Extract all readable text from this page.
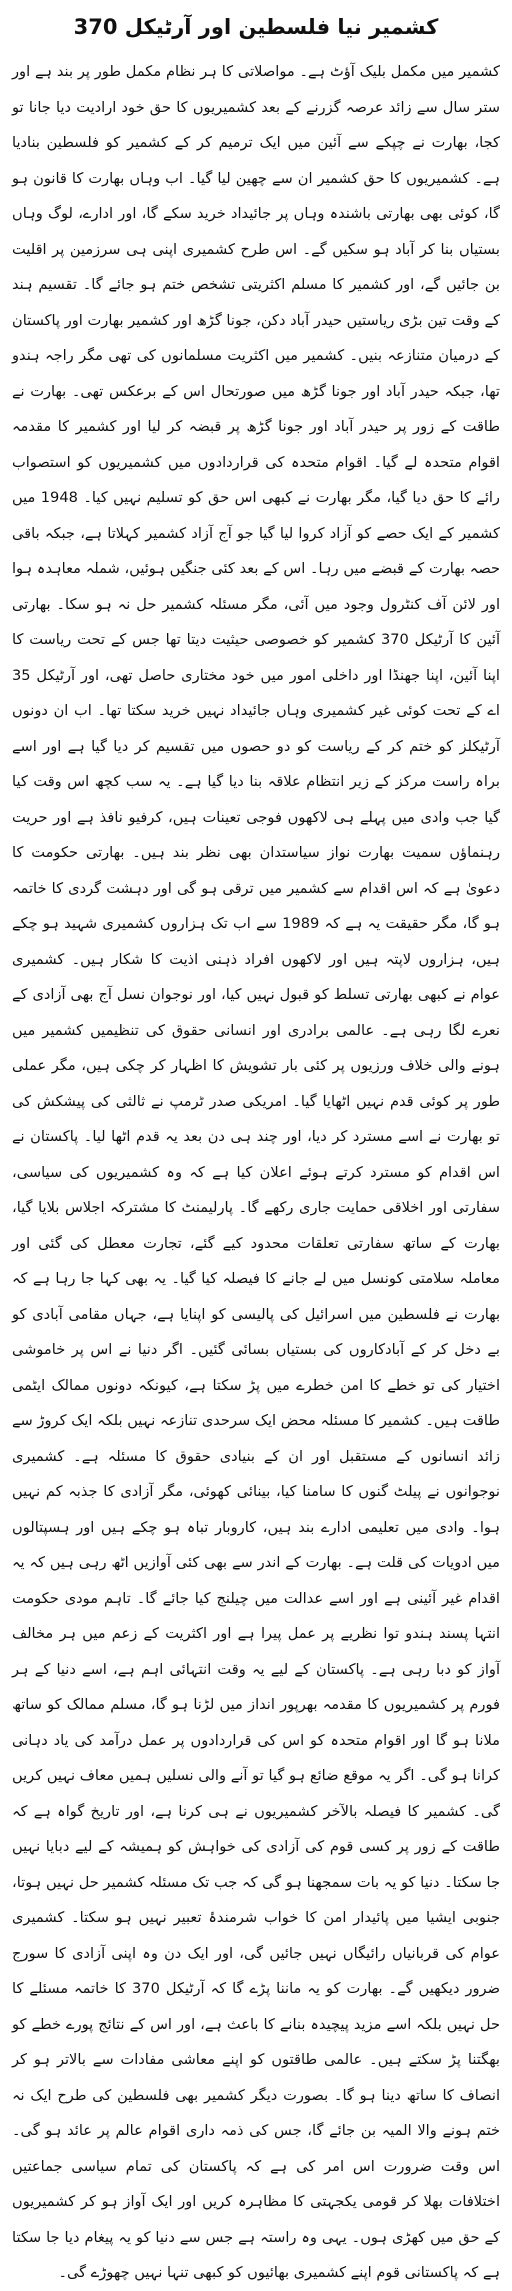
کشمیر نیا فلسطین اور آرٹیکل 370

کشمیر میں مکمل بلیک آؤٹ ہے۔ مواصلاتی کا ہر نظام مکمل طور پر بند ہے اور ستر سال سے زائد عرصہ گزرنے کے بعد کشمیریوں کا حق خود ارادیت دیا جانا تو کجا، بھارت نے چپکے سے آئین میں ایک ترمیم کر کے کشمیر کو فلسطین بنادیا ہے۔ کشمیریوں کا حق کشمیر ان سے چھین لیا گیا۔ اب وہاں بھارت کا قانون ہو گا، کوئی بھی بھارتی باشندہ وہاں پر جائیداد خرید سکے گا، اور ادارے، لوگ وہاں بستیاں بنا کر آباد ہو سکیں گے۔ اس طرح کشمیری اپنی ہی سرزمین پر اقلیت بن جائیں گے، اور کشمیر کا مسلم اکثریتی تشخص ختم ہو جائے گا۔ تقسیم ہند کے وقت تین بڑی ریاستیں حیدر آباد دکن، جونا گڑھ اور کشمیر بھارت اور پاکستان کے درمیان متنازعہ بنیں۔ کشمیر میں اکثریت مسلمانوں کی تھی مگر راجہ ہندو تھا، جبکہ حیدر آباد اور جونا گڑھ میں صورتحال اس کے برعکس تھی۔ بھارت نے طاقت کے زور پر حیدر آباد اور جونا گڑھ پر قبضہ کر لیا اور کشمیر کا مقدمہ اقوام متحدہ لے گیا۔ اقوام متحدہ کی قراردادوں میں کشمیریوں کو استصواب رائے کا حق دیا گیا، مگر بھارت نے کبھی اس حق کو تسلیم نہیں کیا۔ 1948 میں کشمیر کے ایک حصے کو آزاد کروا لیا گیا جو آج آزاد کشمیر کہلاتا ہے، جبکہ باقی حصہ بھارت کے قبضے میں رہا۔ اس کے بعد کئی جنگیں ہوئیں، شملہ معاہدہ ہوا اور لائن آف کنٹرول وجود میں آئی، مگر مسئلہ کشمیر حل نہ ہو سکا۔ بھارتی آئین کا آرٹیکل 370 کشمیر کو خصوصی حیثیت دیتا تھا جس کے تحت ریاست کا اپنا آئین، اپنا جھنڈا اور داخلی امور میں خود مختاری حاصل تھی، اور آرٹیکل 35 اے کے تحت کوئی غیر کشمیری وہاں جائیداد نہیں خرید سکتا تھا۔ اب ان دونوں آرٹیکلز کو ختم کر کے ریاست کو دو حصوں میں تقسیم کر دیا گیا ہے اور اسے براہ راست مرکز کے زیر انتظام علاقہ بنا دیا گیا ہے۔ یہ سب کچھ اس وقت کیا گیا جب وادی میں پہلے ہی لاکھوں فوجی تعینات ہیں، کرفیو نافذ ہے اور حریت رہنماؤں سمیت بھارت نواز سیاستدان بھی نظر بند ہیں۔ بھارتی حکومت کا دعویٰ ہے کہ اس اقدام سے کشمیر میں ترقی ہو گی اور دہشت گردی کا خاتمہ ہو گا، مگر حقیقت یہ ہے کہ 1989 سے اب تک ہزاروں کشمیری شہید ہو چکے ہیں، ہزاروں لاپتہ ہیں اور لاکھوں افراد ذہنی اذیت کا شکار ہیں۔ کشمیری عوام نے کبھی بھارتی تسلط کو قبول نہیں کیا، اور نوجوان نسل آج بھی آزادی کے نعرے لگا رہی ہے۔ عالمی برادری اور انسانی حقوق کی تنظیمیں کشمیر میں ہونے والی خلاف ورزیوں پر کئی بار تشویش کا اظہار کر چکی ہیں، مگر عملی طور پر کوئی قدم نہیں اٹھایا گیا۔ امریکی صدر ٹرمپ نے ثالثی کی پیشکش کی تو بھارت نے اسے مسترد کر دیا، اور چند ہی دن بعد یہ قدم اٹھا لیا۔ پاکستان نے اس اقدام کو مسترد کرتے ہوئے اعلان کیا ہے کہ وہ کشمیریوں کی سیاسی، سفارتی اور اخلاقی حمایت جاری رکھے گا۔ پارلیمنٹ کا مشترکہ اجلاس بلایا گیا، بھارت کے ساتھ سفارتی تعلقات محدود کیے گئے، تجارت معطل کی گئی اور معاملہ سلامتی کونسل میں لے جانے کا فیصلہ کیا گیا۔ یہ بھی کہا جا رہا ہے کہ بھارت نے فلسطین میں اسرائیل کی پالیسی کو اپنایا ہے، جہاں مقامی آبادی کو بے دخل کر کے آبادکاروں کی بستیاں بسائی گئیں۔ اگر دنیا نے اس پر خاموشی اختیار کی تو خطے کا امن خطرے میں پڑ سکتا ہے، کیونکہ دونوں ممالک ایٹمی طاقت ہیں۔ کشمیر کا مسئلہ محض ایک سرحدی تنازعہ نہیں بلکہ ایک کروڑ سے زائد انسانوں کے مستقبل اور ان کے بنیادی حقوق کا مسئلہ ہے۔ کشمیری نوجوانوں نے پیلٹ گنوں کا سامنا کیا، بینائی کھوئی، مگر آزادی کا جذبہ کم نہیں ہوا۔ وادی میں تعلیمی ادارے بند ہیں، کاروبار تباہ ہو چکے ہیں اور ہسپتالوں میں ادویات کی قلت ہے۔ بھارت کے اندر سے بھی کئی آوازیں اٹھ رہی ہیں کہ یہ اقدام غیر آئینی ہے اور اسے عدالت میں چیلنج کیا جائے گا۔ تاہم مودی حکومت انتہا پسند ہندو توا نظریے پر عمل پیرا ہے اور اکثریت کے زعم میں ہر مخالف آواز کو دبا رہی ہے۔ پاکستان کے لیے یہ وقت انتہائی اہم ہے، اسے دنیا کے ہر فورم پر کشمیریوں کا مقدمہ بھرپور انداز میں لڑنا ہو گا، مسلم ممالک کو ساتھ ملانا ہو گا اور اقوام متحدہ کو اس کی قراردادوں پر عمل درآمد کی یاد دہانی کرانا ہو گی۔ اگر یہ موقع ضائع ہو گیا تو آنے والی نسلیں ہمیں معاف نہیں کریں گی۔ کشمیر کا فیصلہ بالآخر کشمیریوں نے ہی کرنا ہے، اور تاریخ گواہ ہے کہ طاقت کے زور پر کسی قوم کی آزادی کی خواہش کو ہمیشہ کے لیے دبایا نہیں جا سکتا۔ دنیا کو یہ بات سمجھنا ہو گی کہ جب تک مسئلہ کشمیر حل نہیں ہوتا، جنوبی ایشیا میں پائیدار امن کا خواب شرمندۂ تعبیر نہیں ہو سکتا۔ کشمیری عوام کی قربانیاں رائیگاں نہیں جائیں گی، اور ایک دن وہ اپنی آزادی کا سورج ضرور دیکھیں گے۔ بھارت کو یہ ماننا پڑے گا کہ آرٹیکل 370 کا خاتمہ مسئلے کا حل نہیں بلکہ اسے مزید پیچیدہ بنانے کا باعث ہے، اور اس کے نتائج پورے خطے کو بھگتنا پڑ سکتے ہیں۔ عالمی طاقتوں کو اپنے معاشی مفادات سے بالاتر ہو کر انصاف کا ساتھ دینا ہو گا۔ بصورت دیگر کشمیر بھی فلسطین کی طرح ایک نہ ختم ہونے والا المیہ بن جائے گا، جس کی ذمہ داری اقوام عالم پر عائد ہو گی۔ اس وقت ضرورت اس امر کی ہے کہ پاکستان کی تمام سیاسی جماعتیں اختلافات بھلا کر قومی یکجہتی کا مظاہرہ کریں اور ایک آواز ہو کر کشمیریوں کے حق میں کھڑی ہوں۔ یہی وہ راستہ ہے جس سے دنیا کو یہ پیغام دیا جا سکتا ہے کہ پاکستانی قوم اپنے کشمیری بھائیوں کو کبھی تنہا نہیں چھوڑے گی۔
